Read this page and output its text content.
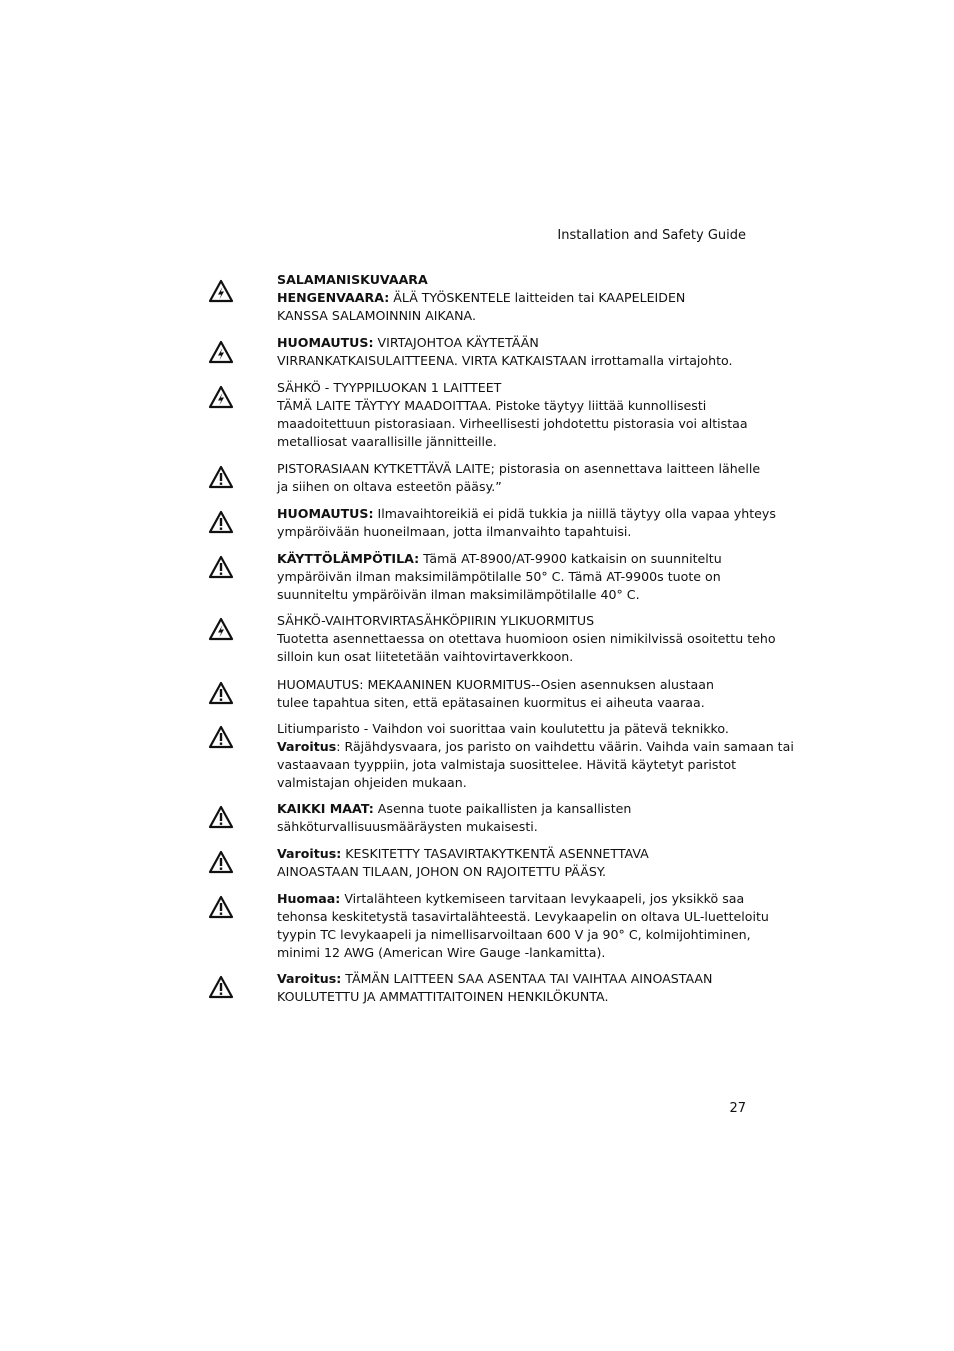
Installation and Safety Guide
SALAMANISKUVAARA
HENGENVAARA: ÄLÄ TYÖSKENTELE laitteiden tai KAAPELEIDEN
KANSSA SALAMOINNIN AIKANA.
HUOMAUTUS: VIRTAJOHTOA KÄYTETÄÄN
VIRRANKATKAISULAITTEENA. VIRTA KATKAISTAAN irrottamalla virtajohto.
SÄHKÖ - TYYPPILUOKAN 1 LAITTEET
TÄMÄ LAITE TÄYTYY MAADOITTAA. Pistoke täytyy liittää kunnollisesti
maadoitettuun pistorasiaan. Virheellisesti johdotettu pistorasia voi altistaa
metalliosat vaarallisille jännitteille.
PISTORASIAAN KYTKETTÄVÄ LAITE; pistorasia on asennettava laitteen lähelle
ja siihen on oltava esteetön pääsy.”
HUOMAUTUS: Ilmavaihtoreikiä ei pidä tukkia ja niillä täytyy olla vapaa yhteys
ympäröivään huoneilmaan, jotta ilmanvaihto tapahtuisi.
KÄYTTÖLÄMPÖTILA: Tämä AT-8900/AT-9900 katkaisin on suunniteltu
ympäröivän ilman maksimilämpötilalle 50° C. Tämä AT-9900s tuote on
suunniteltu ympäröivän ilman maksimilämpötilalle 40° C.
SÄHKÖ-VAIHTORVIRTASÄHKÖPIIRIN YLIKUORMITUS
Tuotetta asennettaessa on otettava huomioon osien nimikilvissä osoitettu teho
silloin kun osat liitetetään vaihtovirtaverkkoon.
HUOMAUTUS: MEKAANINEN KUORMITUS--Osien asennuksen alustaan
tulee tapahtua siten, että epätasainen kuormitus ei aiheuta vaaraa.
Litiumparisto - Vaihdon voi suorittaa vain koulutettu ja pätevä teknikko.
Varoitus: Räjähdysvaara, jos paristo on vaihdettu väärin. Vaihda vain samaan tai
vastaavaan tyyppiin, jota valmistaja suosittelee. Hävitä käytetyt paristot
valmistajan ohjeiden mukaan.
KAIKKI MAAT: Asenna tuote paikallisten ja kansallisten
sähköturvallisuusmääräysten mukaisesti.
Varoitus: KESKITETTY TASAVIRTAKYTKENTÄ ASENNETTAVA
AINOASTAAN TILAAN, JOHON ON RAJOITETTU PÄÄSY.
Huomaa: Virtalähteen kytkemiseen tarvitaan levykaapeli, jos yksikkö saa
tehonsa keskitetystä tasavirtalähteestä. Levykaapelin on oltava UL-luetteloitu
tyypin TC levykaapeli ja nimellisarvoiltaan 600 V ja 90° C, kolmijohtiminen,
minimi 12 AWG (American Wire Gauge -lankamitta).
Varoitus: TÄMÄN LAITTEEN SAA ASENTAA TAI VAIHTAA AINOASTAAN
KOULUTETTU JA AMMATTITAITOINEN HENKILÖKUNTA.
27
